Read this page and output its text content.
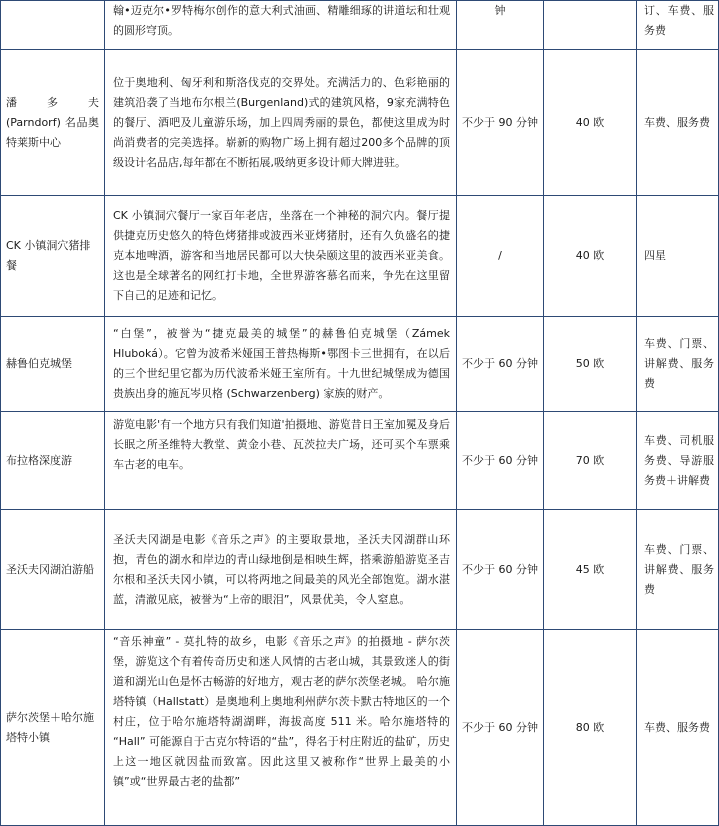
	翰•迈克尔•罗特梅尔创作的意大利式油画、精雕细琢的讲道坛和壮观的圆形穹顶。	钟		订、车费、服务费
潘 多 夫 (Parndorf) 名品奥特莱斯中心	位于奥地利、匈牙利和斯洛伐克的交界处。充满活力的、色彩艳丽的建筑沿袭了当地布尔根兰(Burgenland)式的建筑风格，9家充满特色的餐厅、酒吧及儿童游乐场，加上四周秀丽的景色，都使这里成为时尚消费者的完美选择。崭新的购物广场上拥有超过200多个品牌的顶级设计名品店,每年都在不断拓展,吸纳更多设计师大牌进驻。	不少于 90 分钟	40 欧	车费、服务费
CK 小镇洞穴猪排餐	CK 小镇洞穴餐厅一家百年老店，坐落在一个神秘的洞穴内。餐厅提供捷克历史悠久的特色烤猪排或波西米亚烤猪肘，还有久负盛名的捷克本地啤酒，游客和当地居民都可以大快朵颐这里的波西米亚美食。这也是全球著名的网红打卡地，全世界游客慕名而来，争先在这里留下自己的足迹和记忆。	/	40 欧	四星
赫鲁伯克城堡	“白堡”，被誉为“捷克最美的城堡”的赫鲁伯克城堡（Zámek Hluboká）。它曾为波希米娅国王普热梅斯•鄂图卡三世拥有，在以后的三个世纪里它都为历代波希米娅王室所有。十九世纪城堡成为德国贵族出身的施瓦岑贝格 (Schwarzenberg) 家族的财产。	不少于 60 分钟	50 欧	车费、门票、讲解费、服务费
布拉格深度游	游览电影'有一个地方只有我们知道'拍摄地、游览昔日王室加冕及身后长眠之所圣维特大教堂、黄金小巷、瓦茨拉夫广场，还可买个车票乘车古老的电车。	不少于 60 分钟	70 欧	车费、司机服务费、导游服务费＋讲解费
圣沃夫冈湖泊游船	圣沃夫冈湖是电影《音乐之声》的主要取景地，圣沃夫冈湖群山环抱，青色的湖水和岸边的青山绿地倒是相映生辉，搭乘游船游览圣吉尔根和圣沃夫冈小镇，可以将两地之间最美的风光全部饱览。湖水湛蓝，清澈见底，被誉为“上帝的眼泪”，风景优美，令人窒息。	不少于 60 分钟	45 欧	车费、门票、讲解费、服务费
萨尔茨堡＋哈尔施塔特小镇	“音乐神童” - 莫扎特的故乡，电影《音乐之声》的拍摄地 - 萨尔茨堡，游览这个有着传奇历史和迷人风情的古老山城，其景致迷人的街道和湖光山色是怀古畅游的好地方，观古老的萨尔茨堡老城。 哈尔施塔特镇（Hallstatt）是奥地利上奥地利州萨尔茨卡默古特地区的一个村庄，位于哈尔施塔特湖湖畔，海拔高度 511 米。哈尔施塔特的 “Hall” 可能源自于古克尔特语的“盐”，得名于村庄附近的盐矿，历史上这一地区就因盐而致富。因此这里又被称作“世界上最美的小镇”或“世界最古老的盐都”	不少于 60 分钟	80 欧	车费、服务费
